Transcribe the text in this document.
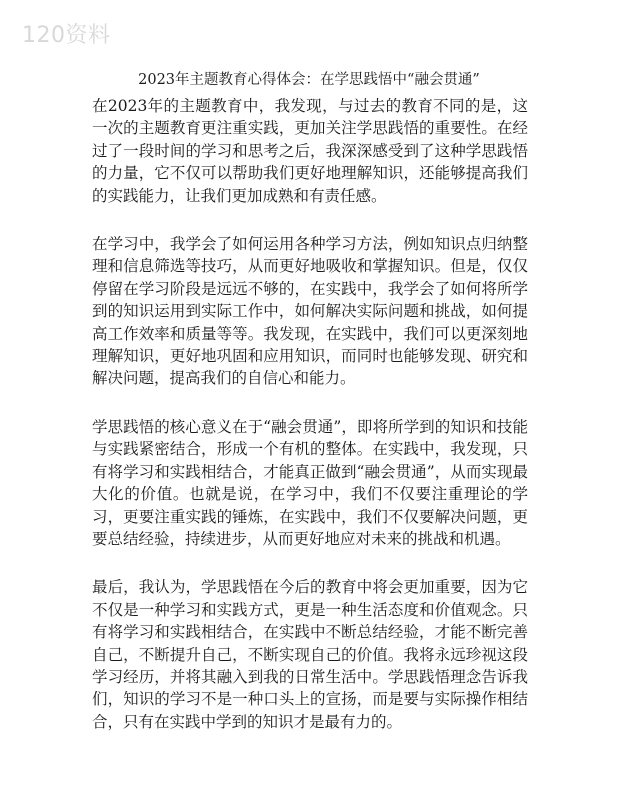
120资料
2023年主题教育心得体会：在学思践悟中“融会贯通”

在2023年的主题教育中，我发现，与过去的教育不同的是，这一次的主题教育更注重实践，更加关注学思践悟的重要性。在经过了一段时间的学习和思考之后，我深深感受到了这种学思践悟的力量，它不仅可以帮助我们更好地理解知识，还能够提高我们的实践能力，让我们更加成熟和有责任感。

在学习中，我学会了如何运用各种学习方法，例如知识点归纳整理和信息筛选等技巧，从而更好地吸收和掌握知识。但是，仅仅停留在学习阶段是远远不够的，在实践中，我学会了如何将所学到的知识运用到实际工作中，如何解决实际问题和挑战，如何提高工作效率和质量等等。我发现，在实践中，我们可以更深刻地理解知识，更好地巩固和应用知识，而同时也能够发现、研究和解决问题，提高我们的自信心和能力。

学思践悟的核心意义在于“融会贯通”，即将所学到的知识和技能与实践紧密结合，形成一个有机的整体。在实践中，我发现，只有将学习和实践相结合，才能真正做到“融会贯通”，从而实现最大化的价值。也就是说，在学习中，我们不仅要注重理论的学习，更要注重实践的锤炼，在实践中，我们不仅要解决问题，更要总结经验，持续进步，从而更好地应对未来的挑战和机遇。

最后，我认为，学思践悟在今后的教育中将会更加重要，因为它不仅是一种学习和实践方式，更是一种生活态度和价值观念。只有将学习和实践相结合，在实践中不断总结经验，才能不断完善自己，不断提升自己，不断实现自己的价值。我将永远珍视这段学习经历，并将其融入到我的日常生活中。学思践悟理念告诉我们，知识的学习不是一种口头上的宣扬，而是要与实际操作相结合，只有在实践中学到的知识才是最有力的。
